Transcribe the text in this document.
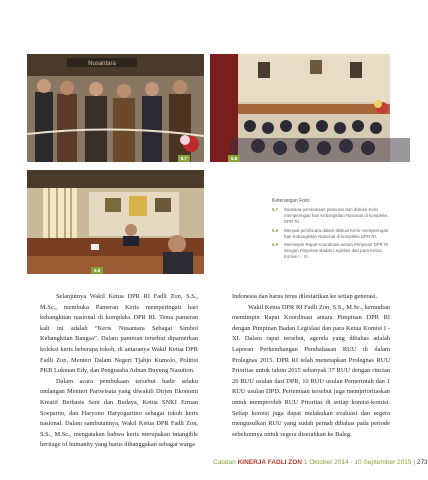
Nusantara
6.7	6.8
6.9
Keterangan Foto:
6.7	Suasana pembukaan pameran dan diskusi Keris memperingati hari Kebangkitan Nasional di kompleks DPR RI.
6.8	Menjadi pembicara dalam diskusi Keris memperingati hari Kebangkitan Nasional di kompleks DPR RI.
6.9	Memimpin Rapat Koordinasi antara Pimpinan DPR RI dengan Pimpinan Badan Legislasi dan para Ketua Komisi I - XI.

Selanjutnya Wakil Ketua DPR RI Fadli Zon, S.S., M.Sc., membuka Pameran Keris memperingati hari kebangkitan nasional di kompleks DPR RI. Tema pameran kali ini adalah “Keris Nusantara Sebagai Simbol Kebangkitan Bangsa”. Dalam pameran tersebut dipamerkan koleksi keris beberapa tokoh, di antaranya Wakil Ketua DPR Fadli Zon, Menteri Dalam Negeri Tjahjo Kumolo, Politisi PKB Lukman Edy, dan Pengusaha Adnan Buyung Nasution.

Dalam acara pembukaan tersebut hadir selaku undangan Menteri Pariwisata yang diwakili Dirjen Ekonomi Kreatif Berbasis Seni dan Budaya, Ketua SNKI Erman Soeparno, dan Haryono Haryoguritno sebagai tokoh keris nasional. Dalam sambutannya, Wakil Ketua DPR Fadli Zon, S.S., M.Sc., mengatakan bahwa keris merupakan intangible heritage of humanity yang harus dihanggakan sebagai warga

Indonesia dan harus terus dilestarikan ke setiap generasi.

Wakil Ketua DPR RI Fadli Zon, S.S., M.Sc., kemudian memimpin Rapat Koordinasi antara Pimpinan DPR RI dengan Pimpinan Badan Legislasi dan para Ketua Komisi I - XI. Dalam rapat tersebut, agenda yang dibahas adalah Laporan Perkembangan Pembahasan RUU di dalam Prolegnas 2015. DPR RI telah menetapkan Prolegnas RUU Prioritas untuk tahun 2015 sebanyak 37 RUU dengan rincian 26 RUU usulan dari DPR, 10 RUU usulan Pemerintah dan 1 RUU usulan DPD. Pertemuan tersebut juga memprioritaskan untuk memperoleh RUU Prioritas di setiap komisi-komisi. Setiap komisi juga dapat melakukan evaluasi dan segera mengusulkan RUU yang sudah pernah dibahas pada periode sebelumnya untuk segera diserahkan ke Baleg.

Catatan KINERJA FADLI ZON 1 Oktober 2014 - 10 September 2015 | 273
